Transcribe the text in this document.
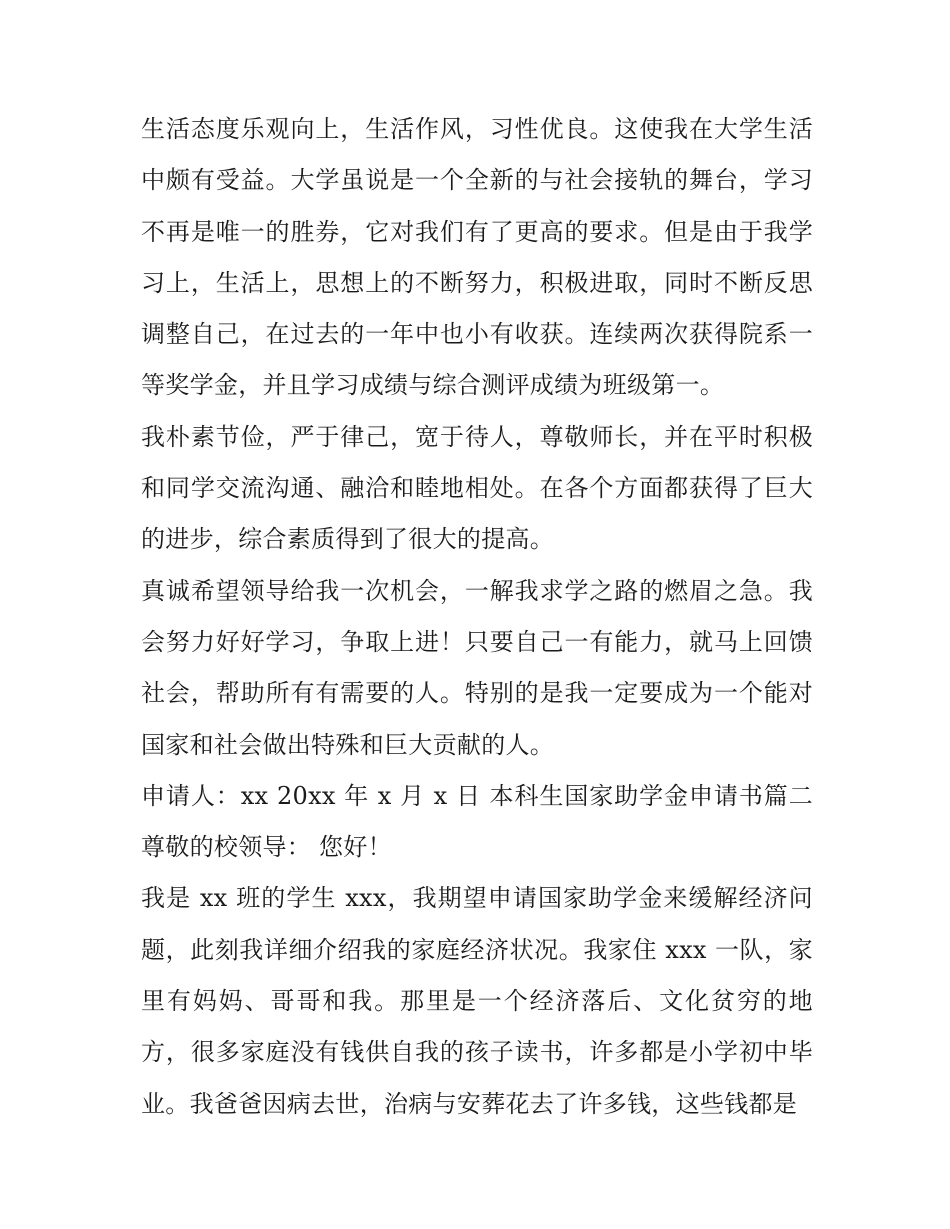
生活态度乐观向上，生活作风，习性优良。这使我在大学生活中颇有受益。大学虽说是一个全新的与社会接轨的舞台，学习不再是唯一的胜券，它对我们有了更高的要求。但是由于我学习上，生活上，思想上的不断努力，积极进取，同时不断反思调整自己，在过去的一年中也小有收获。连续两次获得院系一等奖学金，并且学习成绩与综合测评成绩为班级第一。

我朴素节俭，严于律己，宽于待人，尊敬师长，并在平时积极和同学交流沟通、融洽和睦地相处。在各个方面都获得了巨大的进步，综合素质得到了很大的提高。

真诚希望领导给我一次机会，一解我求学之路的燃眉之急。我会努力好好学习，争取上进！只要自己一有能力，就马上回馈社会，帮助所有有需要的人。特别的是我一定要成为一个能对国家和社会做出特殊和巨大贡献的人。

申请人：xx 20xx 年 x 月 x 日 本科生国家助学金申请书篇二 尊敬的校领导： 您好！

我是 xx 班的学生 xxx，我期望申请国家助学金来缓解经济问题，此刻我详细介绍我的家庭经济状况。我家住 xxx 一队，家里有妈妈、哥哥和我。那里是一个经济落后、文化贫穷的地方，很多家庭没有钱供自我的孩子读书，许多都是小学初中毕业。我爸爸因病去世，治病与安葬花去了许多钱，这些钱都是
